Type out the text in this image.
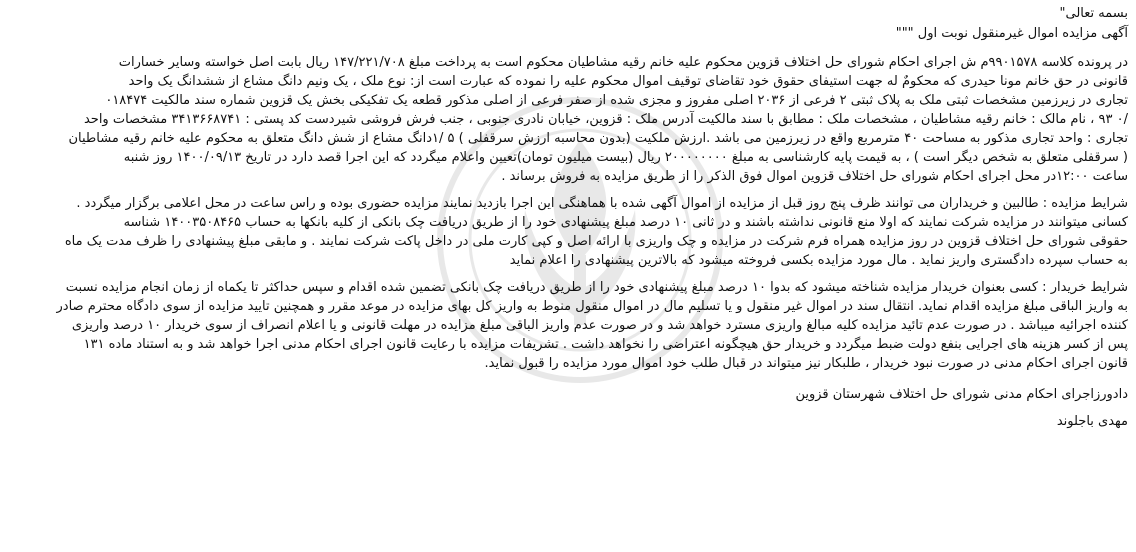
بسمه تعالی"
آگهی مزایده اموال غیرمنقول نوبت اول """
در پرونده کلاسه ۹۹۰۱۵۷۸م ش اجرای احکام شورای حل اختلاف قزوین محکوم علیه خانم رقیه مشاطیان محکوم است به پرداخت مبلغ ۱۴۷/۲۲۱/۷۰۸ ریال بابت اصل خواسته وسایر خسارات
قانونی در حق خانم مونا حیدری که محکومٌ له جهت استیفای حقوق خود تقاضای توقیف اموال محکوم علیه را نموده که عبارت است از: نوع ملک ، یک ونیم دانگ مشاع از ششدانگ یک واحد
تجاری در زیرزمین مشخصات ثبتی ملک به پلاک ثبتی ۲ فرعی از ۲۰۳۶ اصلی مفروز و مجزی شده از صفر فرعی از اصلی مذکور قطعه یک تفکیکی بخش یک قزوین شماره سند مالکیت ۰۱۸۴۷۴
/۰ ۹۳ ، نام مالک : خانم رقیه مشاطیان ، مشخصات ملک : مطابق با سند مالکیت آدرس ملک : قزوین، خیابان نادری جنوبی ، جنب فرش فروشی شیردست کد پستی : ۳۴۱۳۶۶۸۷۴۱ مشخصات واحد
تجاری : واحد تجاری مذکور به مساحت ۴۰ مترمربع واقع در زیرزمین می باشد .ارزش ملکیت (بدون محاسبه ارزش سرقفلی ) ۵ /۱دانگ مشاع از شش دانگ متعلق به محکوم علیه خانم رقیه مشاطیان
( سرقفلی متعلق به شخص دیگر است ) ، به قیمت پایه کارشناسی به مبلغ ۲۰۰۰۰۰۰۰۰ ریال (بیست میلیون تومان)تعیین واعلام میگردد که این اجرا قصد دارد در تاریخ ۱۴۰۰/۰۹/۱۳ روز شنبه
ساعت ۱۲:۰۰در محل اجرای احکام شورای حل اختلاف قزوین اموال فوق الذکر را از طریق مزایده به فروش برساند .
شرایط مزایده : طالبین و خریداران می توانند ظرف پنج روز قبل از مزایده از اموال آگهی شده با هماهنگی این اجرا بازدید نمایند مزایده حضوری بوده و راس ساعت در محل اعلامی برگزار میگردد .
کسانی میتوانند در مزایده شرکت نمایند که اولا منع قانونی نداشته باشند و در ثانی ۱۰ درصد مبلغ پیشنهادی خود را از طریق دریافت چک بانکی از کلیه بانکها به حساب ۱۴۰۰۳۵۰۸۴۶۵ شناسه
حقوقی شورای حل اختلاف قزوین در روز مزایده همراه فرم شرکت در مزایده و چک واریزی با ارائه اصل و کپی کارت ملی در داخل پاکت شرکت نمایند . و مابقی مبلغ پیشنهادی را ظرف مدت یک ماه
به حساب سپرده دادگستری واریز نماید . مال مورد مزایده بکسی فروخته میشود که بالاترین پیشنهادی را اعلام نماید
شرایط خریدار : کسی بعنوان خریدار مزایده شناخته میشود که بدوا ۱۰ درصد مبلغ پیشنهادی خود را از طریق دریافت چک بانکی تضمین شده اقدام و سپس حداکثر تا یکماه از زمان انجام مزایده نسبت
به واریز الباقی مبلغ مزایده اقدام نماید. انتقال سند در اموال غیر منقول و یا تسلیم مال در اموال منقول منوط به واریز کل بهای مزایده در موعد مقرر و همچنین تایید مزایده از سوی دادگاه محترم صادر
کننده اجرائیه میباشد . در صورت عدم تائید مزایده کلیه مبالغ واریزی مسترد خواهد شد و در صورت عدم واریز الباقی مبلغ مزایده در مهلت قانونی و یا اعلام انصراف از سوی خریدار ۱۰ درصد واریزی
پس از کسر هزینه های اجرایی بنفع دولت ضبط میگردد و خریدار حق هیچگونه اعتراضی را نخواهد داشت . تشریفات مزایده با رعایت قانون اجرای احکام مدنی اجرا خواهد شد و به استناد ماده ۱۳۱
قانون اجرای احکام مدنی در صورت نبود خریدار ، طلبکار نیز میتواند در قبال طلب خود اموال مورد مزایده را قبول نماید.
دادورزاجرای احکام مدنی شورای حل اختلاف شهرستان قزوین
مهدی باجلوند
